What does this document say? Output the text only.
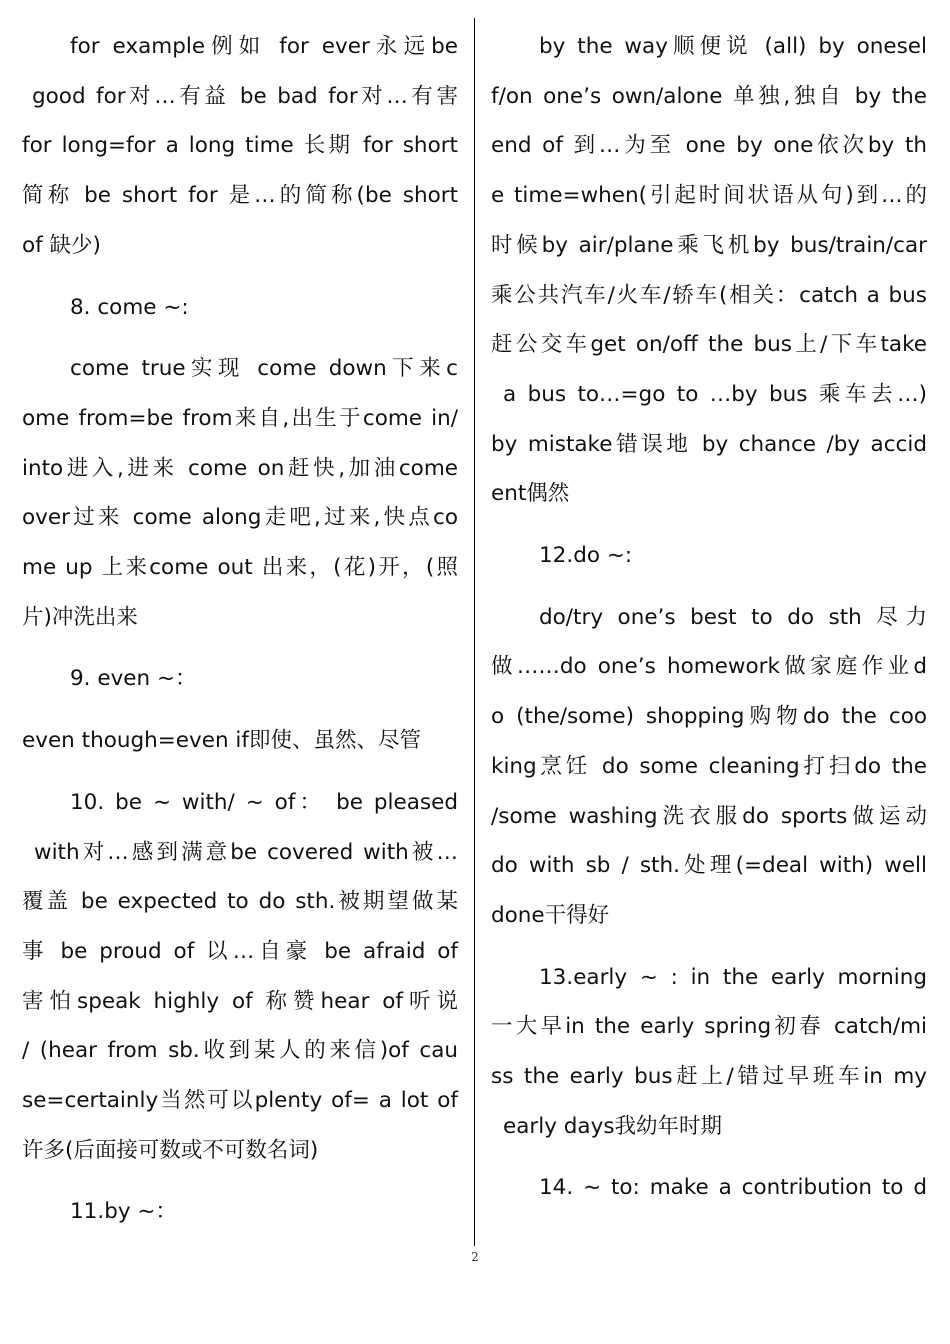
for example例如 for ever永远be
good for对…有益 be bad for对…有害
for long=for a long time 长期 for short
简称 be short for 是…的简称(be short
of 缺少)
8. come ~:
come true实现 come down下来c
ome from=be from来自,出生于come in/
into进入,进来 come on赶快,加油come
over过来 come along走吧,过来,快点co
me up 上来come out 出来，(花)开，(照
片)冲洗出来
9. even ~：
even though=even if即使、虽然、尽管
10. be ~ with/ ~ of： be pleased
with对…感到满意be covered with被…
覆盖 be expected to do sth.被期望做某
事 be proud of 以…自豪 be afraid of
害怕speak highly of 称赞hear of听说
/ (hear from sb.收到某人的来信)of cau
se=certainly当然可以plenty of= a lot of
许多(后面接可数或不可数名词)
11.by ~：
by the way顺便说 (all) by onesel
f/on one’s own/alone 单独,独自 by the
end of 到…为至 one by one依次by th
e time=when(引起时间状语从句)到…的
时候by air/plane乘飞机by bus/train/car
乘公共汽车/火车/轿车(相关：catch a bus
赶公交车get on/off the bus上/下车take
a bus to…=go to …by bus 乘车去…)
by mistake错误地 by chance /by accid
ent偶然
12.do ~:
do/try one’s best to do sth 尽力
做……do one’s homework做家庭作业d
o (the/some) shopping购物do the coo
king烹饪 do some cleaning打扫do the
/some washing洗衣服do sports做运动
do with sb / sth.处理(=deal with) well
done干得好
13.early ~ : in the early morning
一大早in the early spring初春 catch/mi
ss the early bus赶上/错过早班车in my
early days我幼年时期
14. ~ to: make a contribution to d
2
